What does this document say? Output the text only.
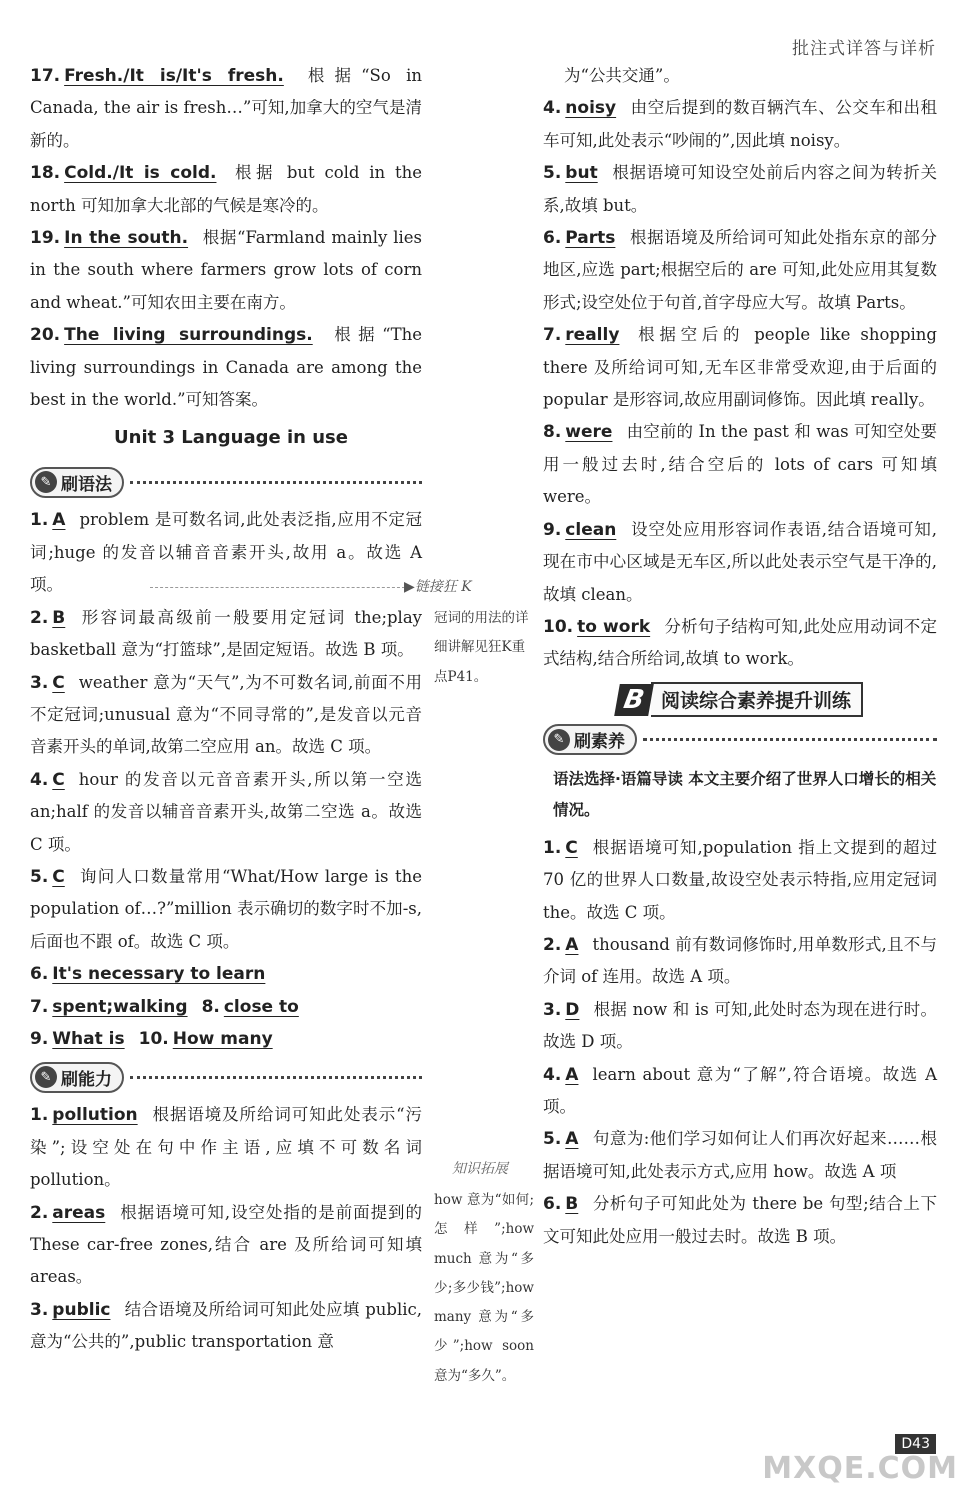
批注式详答与详析

17. Fresh./It is/It's fresh. 根据“So in Canada, the air is fresh…”可知,加拿大的空气是清新的。

18. Cold./It is cold. 根据 but cold in the north 可知加拿大北部的气候是寒冷的。

19. In the south. 根据“Farmland mainly lies in the south where farmers grow lots of corn and wheat.”可知农田主要在南方。

20. The living surroundings. 根据“The living surroundings in Canada are among the best in the world.”可知答案。

Unit 3 Language in use
✎ 刷语法

1. A problem 是可数名词,此处表泛指,应用不定冠词;huge 的发音以辅音音素开头,故用 a。故选 A 项。

2. B 形容词最高级前一般要用定冠词 the;play basketball 意为“打篮球”,是固定短语。故选 B 项。

3. C weather 意为“天气”,为不可数名词,前面不用不定冠词;unusual 意为“不同寻常的”,是发音以元音音素开头的单词,故第二空应用 an。故选 C 项。

4. C hour 的发音以元音音素开头,所以第一空选 an;half 的发音以辅音音素开头,故第二空选 a。故选 C 项。

5. C 询问人口数量常用“What/How large is the population of…?”million 表示确切的数字时不加-s,后面也不跟 of。故选 C 项。

6. It's necessary to learn

7. spent;walking 8. close to

9. What is 10. How many

✎ 刷能力

1. pollution 根据语境及所给词可知此处表示“污染”;设空处在句中作主语,应填不可数名词 pollution。

2. areas 根据语境可知,设空处指的是前面提到的 These car-free zones,结合 are 及所给词可知填 areas。

3. public 结合语境及所给词可知此处应填 public,意为“公共的”,public transportation 意

▶链接狂 K
冠词的用法的详细讲解见狂K重点P41。
知识拓展
how 意为“如何;怎样”;how much 意为“多少;多少钱”;how many 意为“多少”;how soon 意为“多久”。

为“公共交通”。

4. noisy 由空后提到的数百辆汽车、公交车和出租车可知,此处表示“吵闹的”,因此填 noisy。

5. but 根据语境可知设空处前后内容之间为转折关系,故填 but。

6. Parts 根据语境及所给词可知此处指东京的部分地区,应选 part;根据空后的 are 可知,此处应用其复数形式;设空处位于句首,首字母应大写。故填 Parts。

7. really 根据空后的 people like shopping there 及所给词可知,无车区非常受欢迎,由于后面的 popular 是形容词,故应用副词修饰。因此填 really。

8. were 由空前的 In the past 和 was 可知空处要用一般过去时,结合空后的 lots of cars 可知填 were。

9. clean 设空处应用形容词作表语,结合语境可知,现在市中心区域是无车区,所以此处表示空气是干净的,故填 clean。

10. to work 分析句子结构可知,此处应用动词不定式结构,结合所给词,故填 to work。

B 阅读综合素养提升训练
✎ 刷素养
语法选择·语篇导读 本文主要介绍了世界人口增长的相关情况。

1. C 根据语境可知,population 指上文提到的超过 70 亿的世界人口数量,故设空处表示特指,应用定冠词 the。故选 C 项。

2. A thousand 前有数词修饰时,用单数形式,且不与介词 of 连用。故选 A 项。

3. D 根据 now 和 is 可知,此处时态为现在进行时。故选 D 项。

4. A learn about 意为“了解”,符合语境。故选 A 项。

5. A 句意为:他们学习如何让人们再次好起来……根据语境可知,此处表示方式,应用 how。故选 A 项

6. B 分析句子可知此处为 there be 句型;结合上下文可知此处应用一般过去时。故选 B 项。

D43
MXQE.COM
